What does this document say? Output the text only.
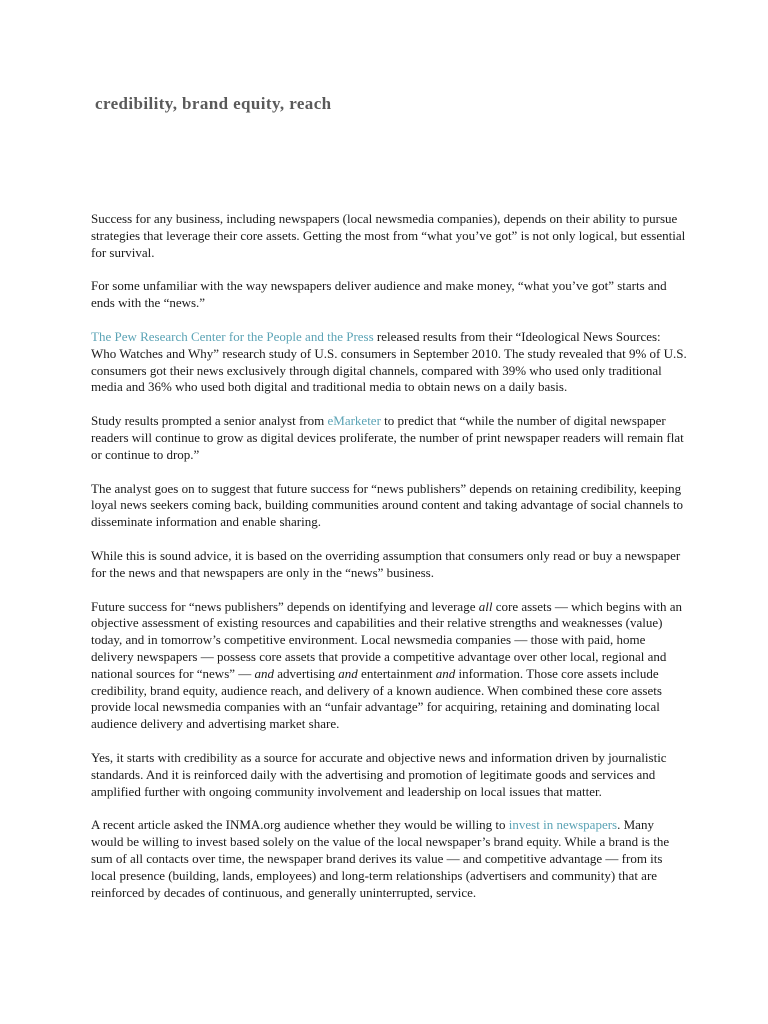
credibility, brand equity, reach

Success for any business, including newspapers (local newsmedia companies), depends on their ability to pursue strategies that leverage their core assets. Getting the most from “what you’ve got” is not only logical, but essential for survival.

For some unfamiliar with the way newspapers deliver audience and make money, “what you’ve got” starts and ends with the “news.”

The Pew Research Center for the People and the Press released results from their “Ideological News Sources: Who Watches and Why” research study of U.S. consumers in September 2010. The study revealed that 9% of U.S. consumers got their news exclusively through digital channels, compared with 39% who used only traditional media and 36% who used both digital and traditional media to obtain news on a daily basis.

Study results prompted a senior analyst from eMarketer to predict that “while the number of digital newspaper readers will continue to grow as digital devices proliferate, the number of print newspaper readers will remain flat or continue to drop.”

The analyst goes on to suggest that future success for “news publishers” depends on retaining credibility, keeping loyal news seekers coming back, building communities around content and taking advantage of social channels to disseminate information and enable sharing.

While this is sound advice, it is based on the overriding assumption that consumers only read or buy a newspaper for the news and that newspapers are only in the “news” business.

Future success for “news publishers” depends on identifying and leverage all core assets — which begins with an objective assessment of existing resources and capabilities and their relative strengths and weaknesses (value) today, and in tomorrow’s competitive environment. Local newsmedia companies — those with paid, home delivery newspapers — possess core assets that provide a competitive advantage over other local, regional and national sources for “news” — and advertising and entertainment and information. Those core assets include credibility, brand equity, audience reach, and delivery of a known audience. When combined these core assets provide local newsmedia companies with an “unfair advantage” for acquiring, retaining and dominating local audience delivery and advertising market share.

Yes, it starts with credibility as a source for accurate and objective news and information driven by journalistic standards. And it is reinforced daily with the advertising and promotion of legitimate goods and services and amplified further with ongoing community involvement and leadership on local issues that matter.

A recent article asked the INMA.org audience whether they would be willing to invest in newspapers. Many would be willing to invest based solely on the value of the local newspaper’s brand equity. While a brand is the sum of all contacts over time, the newspaper brand derives its value — and competitive advantage — from its local presence (building, lands, employees) and long-term relationships (advertisers and community) that are reinforced by decades of continuous, and generally uninterrupted, service.
